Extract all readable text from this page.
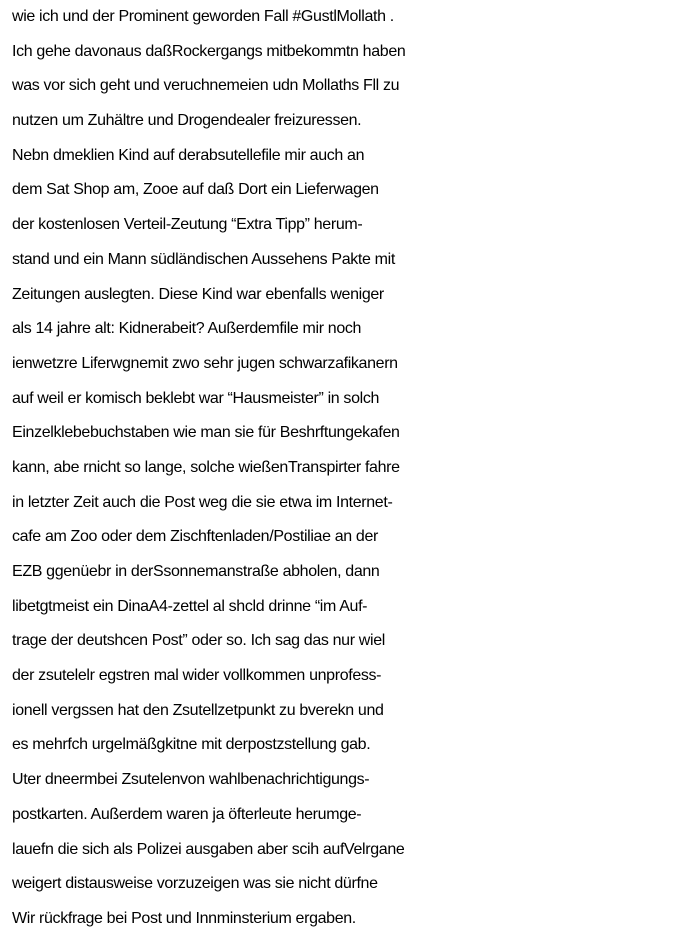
wie ich und der Prominent geworden Fall #GustlMollath .
Ich gehe davonaus daßRockergangs mitbekommtn haben
was vor sich geht und veruchnemeien udn Mollaths Fll zu
nutzen um Zuhältre und Drogendealer freizuressen.
Nebn dmeklien Kind auf derabsutellefile mir auch an
dem Sat Shop am, Zooe auf daß Dort ein Lieferwagen
der kostenlosen Verteil-Zeutung “Extra Tipp” herum-
stand und ein Mann südländischen Aussehens Pakte mit
Zeitungen auslegten. Diese Kind war ebenfalls weniger
als 14 jahre alt: Kidnerabeit? Außerdemfile mir noch
ienwetzre Liferwgnemit zwo sehr jugen schwarzafikanern
auf weil er komisch beklebt war “Hausmeister” in solch
Einzelklebebuchstaben wie man sie für Beshrftungekafen
kann, abe rnicht so lange, solche wießenTranspirter fahre
in letzter Zeit auch die Post weg die sie etwa im Internet-
cafe am Zoo oder dem Zischftenladen/Postiliae an der
EZB ggenüebr in derSsonnemanstraße abholen, dann
libetgtmeist ein DinaA4-zettel al shcld drinne “im Auf-
trage der deutshcen Post” oder so. Ich sag das nur wiel
der zsutelelr egstren mal wider vollkommen unprofess-
ionell vergssen hat den Zsutellzetpunkt zu bverekn und
es mehrfch urgelmäßgkitne mit derpostzstellung gab.
Uter dneermbei Zsutelenvon wahlbenachrichtigungs-
postkarten. Außerdem waren ja öfterleute herumge-
lauefn die sich als Polizei ausgaben aber scih aufVelrgane
weigert distausweise vorzuzeigen was sie nicht dürfne
Wir rückfrage bei Post und Innminsterium ergaben.
